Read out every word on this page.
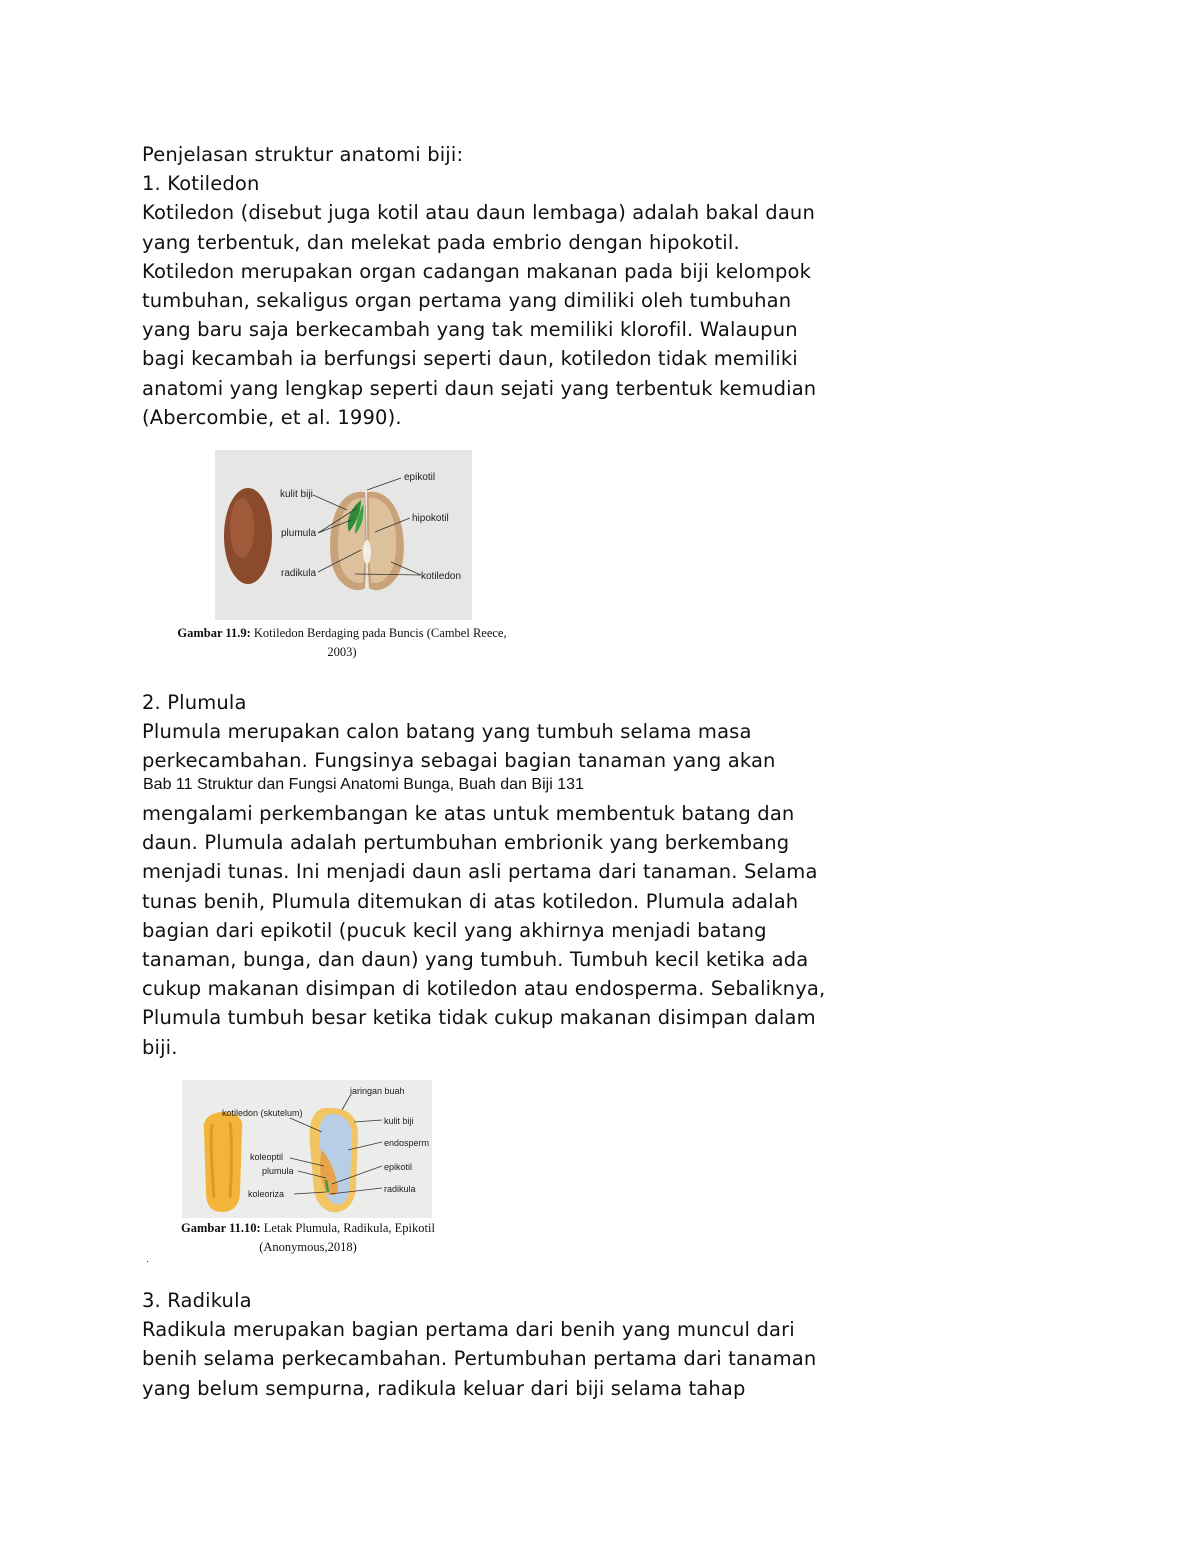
Penjelasan struktur anatomi biji:
1. Kotiledon
Kotiledon (disebut juga kotil atau daun lembaga) adalah bakal daun
yang terbentuk, dan melekat pada embrio dengan hipokotil.
Kotiledon merupakan organ cadangan makanan pada biji kelompok
tumbuhan, sekaligus organ pertama yang dimiliki oleh tumbuhan
yang baru saja berkecambah yang tak memiliki klorofil. Walaupun
bagi kecambah ia berfungsi seperti daun, kotiledon tidak memiliki
anatomi yang lengkap seperti daun sejati yang terbentuk kemudian
(Abercombie, et al. 1990).
kulit biji
plumula
radikula
epikotil
hipokotil
kotiledon
Gambar 11.9: Kotiledon Berdaging pada Buncis (Cambel Reece,
2003)
2. Plumula
Plumula merupakan calon batang yang tumbuh selama masa
perkecambahan. Fungsinya sebagai bagian tanaman yang akan
Bab 11 Struktur dan Fungsi Anatomi Bunga, Buah dan Biji 131
mengalami perkembangan ke atas untuk membentuk batang dan
daun. Plumula adalah pertumbuhan embrionik yang berkembang
menjadi tunas. Ini menjadi daun asli pertama dari tanaman. Selama
tunas benih, Plumula ditemukan di atas kotiledon. Plumula adalah
bagian dari epikotil (pucuk kecil yang akhirnya menjadi batang
tanaman, bunga, dan daun) yang tumbuh. Tumbuh kecil ketika ada
cukup makanan disimpan di kotiledon atau endosperma. Sebaliknya,
Plumula tumbuh besar ketika tidak cukup makanan disimpan dalam
biji.
jaringan buah
kotiledon (skutelum)
kulit biji
endosperm
koleoptil
plumula	epikotil
koleoriza	radikula
Gambar 11.10: Letak Plumula, Radikula, Epikotil
(Anonymous,2018)
·
3. Radikula
Radikula merupakan bagian pertama dari benih yang muncul dari
benih selama perkecambahan. Pertumbuhan pertama dari tanaman
yang belum sempurna, radikula keluar dari biji selama tahap
